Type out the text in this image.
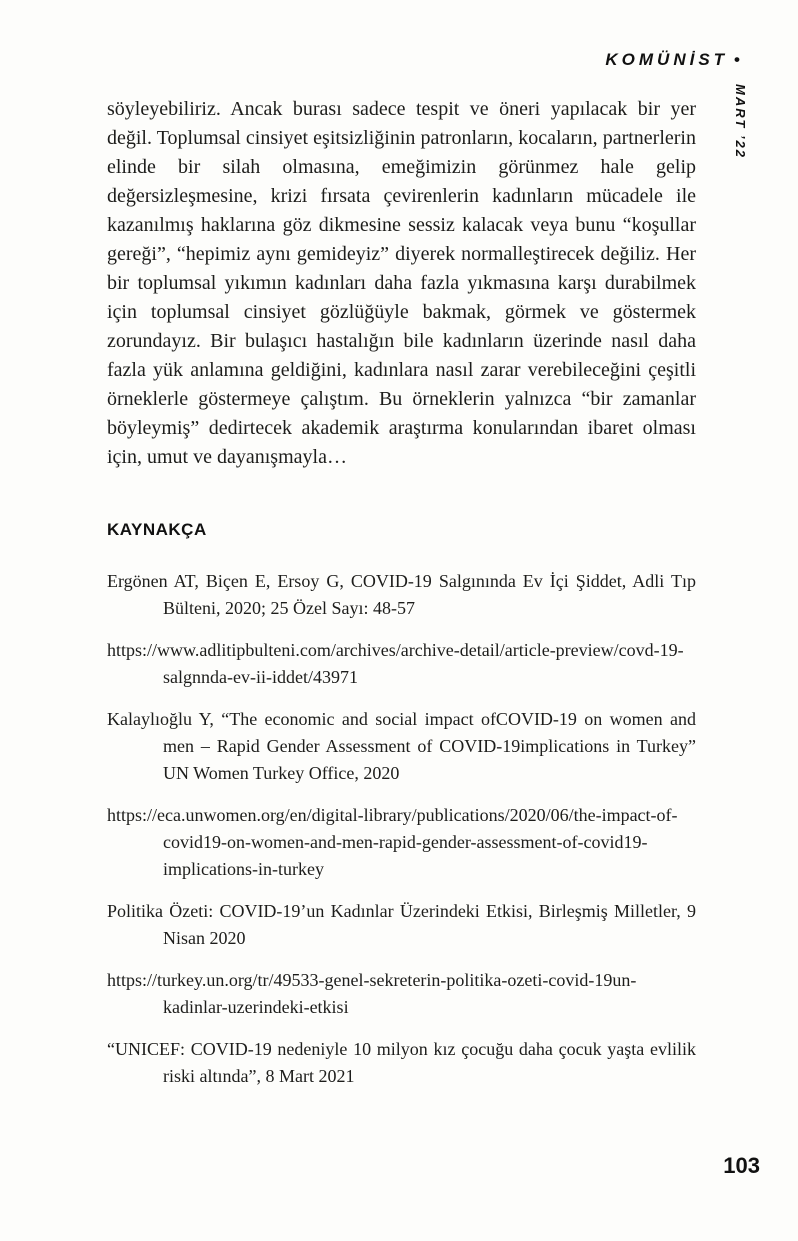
KOMÜNİST •
MART ’22

söyleyebiliriz. Ancak burası sadece tespit ve öneri yapılacak bir yer değil. Toplumsal cinsiyet eşitsizliğinin patronların, kocaların, partnerlerin elinde bir silah olmasına, emeğimizin görünmez hale gelip değersizleşmesine, krizi fırsata çevirenlerin kadınların mücadele ile kazanılmış haklarına göz dikmesine sessiz kalacak veya bunu “koşullar gereği”, “hepimiz aynı gemideyiz” diyerek normalleştirecek değiliz. Her bir toplumsal yıkımın kadınları daha fazla yıkmasına karşı durabilmek için toplumsal cinsiyet gözlüğüyle bakmak, görmek ve göstermek zorundayız. Bir bulaşıcı hastalığın bile kadınların üzerinde nasıl daha fazla yük anlamına geldiğini, kadınlara nasıl zarar verebileceğini çeşitli örneklerle göstermeye çalıştım. Bu örneklerin yalnızca “bir zamanlar böyleymiş” dedirtecek akademik araştırma konularından ibaret olması için, umut ve dayanışmayla…

KAYNAKÇA

Ergönen AT, Biçen E, Ersoy G, COVID-19 Salgınında Ev İçi Şiddet, Adli Tıp Bülteni, 2020; 25 Özel Sayı: 48-57

https://www.adlitipbulteni.com/archives/archive-detail/article-preview/covd-19-salgnnda-ev-ii-iddet/43971

Kalaylıoğlu Y, “The economic and social impact ofCOVID-19 on women and men – Rapid Gender Assessment of COVID-19implications in Turkey” UN Women Turkey Office, 2020

https://eca.unwomen.org/en/digital-library/publications/2020/06/the-impact-of-covid19-on-women-and-men-rapid-gender-assessment-of-covid19-implications-in-turkey

Politika Özeti: COVID-19’un Kadınlar Üzerindeki Etkisi, Birleşmiş Milletler, 9 Nisan 2020

https://turkey.un.org/tr/49533-genel-sekreterin-politika-ozeti-covid-19un-kadinlar-uzerindeki-etkisi

“UNICEF: COVID-19 nedeniyle 10 milyon kız çocuğu daha çocuk yaşta evlilik riski altında”, 8 Mart 2021

103
